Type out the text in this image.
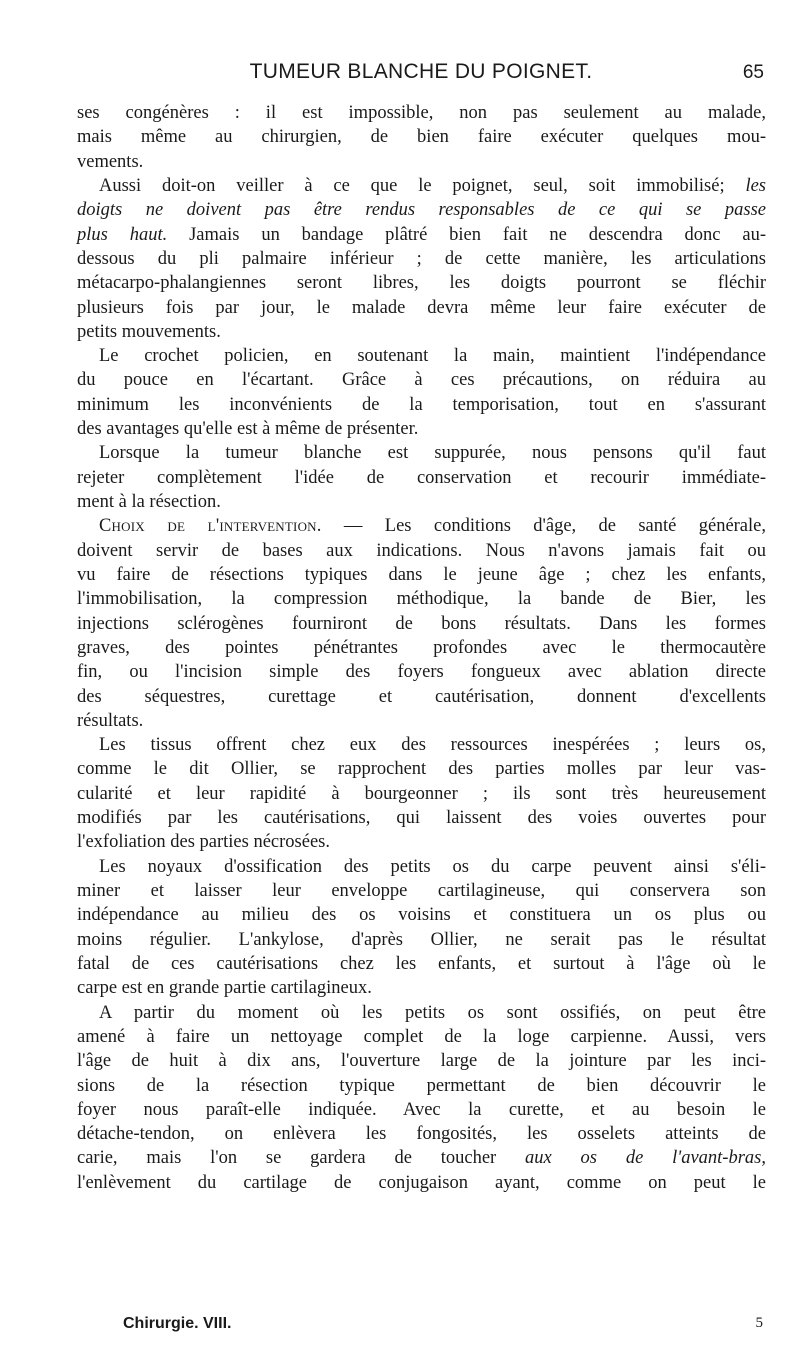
TUMEUR BLANCHE DU POIGNET.	65
ses congénères : il est impossible, non pas seulement au malade,
mais même au chirurgien, de bien faire exécuter quelques mou-
vements.
Aussi doit-on veiller à ce que le poignet, seul, soit immobilisé; les
doigts ne doivent pas être rendus responsables de ce qui se passe
plus haut. Jamais un bandage plâtré bien fait ne descendra donc au-
dessous du pli palmaire inférieur ; de cette manière, les articulations
métacarpo-phalangiennes seront libres, les doigts pourront se fléchir
plusieurs fois par jour, le malade devra même leur faire exécuter de
petits mouvements.
Le crochet policien, en soutenant la main, maintient l'indépendance
du pouce en l'écartant. Grâce à ces précautions, on réduira au
minimum les inconvénients de la temporisation, tout en s'assurant
des avantages qu'elle est à même de présenter.
Lorsque la tumeur blanche est suppurée, nous pensons qu'il faut
rejeter complètement l'idée de conservation et recourir immédiate-
ment à la résection.
Choix de l'intervention. — Les conditions d'âge, de santé générale,
doivent servir de bases aux indications. Nous n'avons jamais fait ou
vu faire de résections typiques dans le jeune âge ; chez les enfants,
l'immobilisation, la compression méthodique, la bande de Bier, les
injections sclérogènes fourniront de bons résultats. Dans les formes
graves, des pointes pénétrantes profondes avec le thermocautère
fin, ou l'incision simple des foyers fongueux avec ablation directe
des séquestres, curettage et cautérisation, donnent d'excellents
résultats.
Les tissus offrent chez eux des ressources inespérées ; leurs os,
comme le dit Ollier, se rapprochent des parties molles par leur vas-
cularité et leur rapidité à bourgeonner ; ils sont très heureusement
modifiés par les cautérisations, qui laissent des voies ouvertes pour
l'exfoliation des parties nécrosées.
Les noyaux d'ossification des petits os du carpe peuvent ainsi s'éli-
miner et laisser leur enveloppe cartilagineuse, qui conservera son
indépendance au milieu des os voisins et constituera un os plus ou
moins régulier. L'ankylose, d'après Ollier, ne serait pas le résultat
fatal de ces cautérisations chez les enfants, et surtout à l'âge où le
carpe est en grande partie cartilagineux.
A partir du moment où les petits os sont ossifiés, on peut être
amené à faire un nettoyage complet de la loge carpienne. Aussi, vers
l'âge de huit à dix ans, l'ouverture large de la jointure par les inci-
sions de la résection typique permettant de bien découvrir le
foyer nous paraît-elle indiquée. Avec la curette, et au besoin le
détache-tendon, on enlèvera les fongosités, les osselets atteints de
carie, mais l'on se gardera de toucher aux os de l'avant-bras,
l'enlèvement du cartilage de conjugaison ayant, comme on peut le
Chirurgie. VIII.	5
